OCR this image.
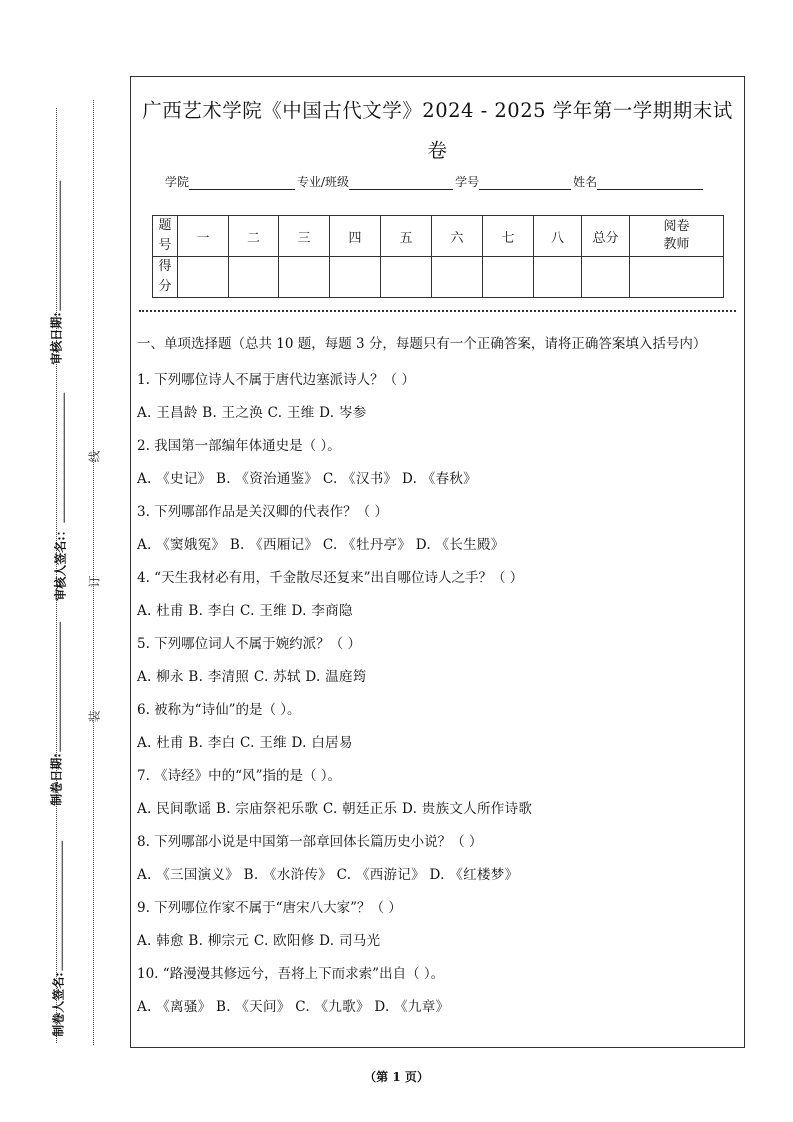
审核日期:
审核人签名:：
制卷日期:
制卷人签名:
线
订
装
广西艺术学院《中国古代文学》2024 - 2025 学年第一学期期末试
卷
学院	专业/班级	学号	姓名
题号	一	二	三	四	五	六	七	八	总分	阅卷教师
得分										
一、单项选择题（总共 10 题，每题 3 分，每题只有一个正确答案，请将正确答案填入括号内）
1. 下列哪位诗人不属于唐代边塞派诗人？（ ）
A. 王昌龄 B. 王之涣 C. 王维 D. 岑参
2. 我国第一部编年体通史是（ ）。
A. 《史记》 B. 《资治通鉴》 C. 《汉书》 D. 《春秋》
3. 下列哪部作品是关汉卿的代表作？（ ）
A. 《窦娥冤》 B. 《西厢记》 C. 《牡丹亭》 D. 《长生殿》
4. “天生我材必有用，千金散尽还复来”出自哪位诗人之手？（ ）
A. 杜甫 B. 李白 C. 王维 D. 李商隐
5. 下列哪位词人不属于婉约派？（ ）
A. 柳永 B. 李清照 C. 苏轼 D. 温庭筠
6. 被称为“诗仙”的是（ ）。
A. 杜甫 B. 李白 C. 王维 D. 白居易
7. 《诗经》中的“风”指的是（ ）。
A. 民间歌谣 B. 宗庙祭祀乐歌 C. 朝廷正乐 D. 贵族文人所作诗歌
8. 下列哪部小说是中国第一部章回体长篇历史小说？（ ）
A. 《三国演义》 B. 《水浒传》 C. 《西游记》 D. 《红楼梦》
9. 下列哪位作家不属于“唐宋八大家”？（ ）
A. 韩愈 B. 柳宗元 C. 欧阳修 D. 司马光
10. “路漫漫其修远兮，吾将上下而求索”出自（ ）。
A. 《离骚》 B. 《天问》 C. 《九歌》 D. 《九章》
（第 1 页）
